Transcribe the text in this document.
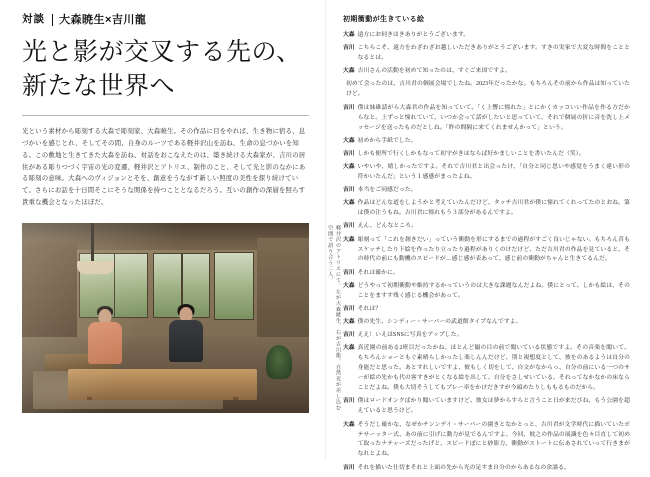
対談	大森暁生×吉川龍
光と影が交叉する先の、
新たな世界へ

光という素材から彫刻する大森で彫刻家、大森暁生。その作品に目をやれば、生き物に宿る、息づかいを感じとれ、そしてその間、自身のルーツである軽井沢山を訪ね、生命の息づかいを知る。この敷地と生きてきた大森を訪ね、対話をおこなえたのは、築き続ける大森家が、吉川の居住がある彫りつづく宇宙の光の変遷、軽井沢とアトリエ、制作のこと、そして光と影のなかにある彫刻の意味。大森へのヴィジョンとそを、創意をうながす新しい照度の美性を探り続けていて。さらにお話を十日間そこにそうな関係を持つこととなるだろう。互いの創作の深層を照らす貴重な機会となったほぼだ。

軽井沢のアトリエにて。左が大森暁生、右が吉川龍。自然光が差し込む空間で語り合う二人。
初期衝動が生きている絵
大森 遠方にお伺きほきありがとうございます。
吉川 こちらこそ、遠方をわざわざお越しいただきありがとうございます。すきの実家で大変な時間をこととなるとは。
大森 吉川さんの活動を初めて知ったのは、すぐご来国ですよ。
初めて会ったのは、吉川君の個展会場でしたね。2023年だったかな。もちろんその前から作品は知っていたけど。
吉川 僕は妹碓話がら大森君の作品を知っていて、「く上響に憧れた」とにかくカッコいい作品を作る方だからなと。上ずっと憧れていて、いつか会って話がしたいと思っていて、それで個展の折に音を洗し上メッセージを送ったものだとしね。「昨の間隔に来てくれませんかって」という。
大森 初めから手紙でした。
吉川 しかも便所で行くしかもなって初守がきはならば好かましいことを書いたんだ（笑）。
大森 いやいや、嬉しかったですよ。それで吉川君と出会ったけ、「自分と同じ思いや感覚をうまく違い形の符かいたんだ」という１感感がまったよね。
吉川 本当をご同感だった。
大森 作品はどんな道をしようかと考えていたんだけど、タッチ吉川君が僕に憧れてくれってたのとおね。第は僕の注うもね。吉川君に憧れもう３部分があるんですよ。
吉川 えん、どんなところ。
大森 彫刻って「これを創きだい」っていう衝動を形にするまでの過程がすごく良いじゃない。もちろん昔もスケッチしたり下絵を作ったり立ったり過程がありくのけだけど、ただ吉川君の作品を見ていると、その時代の前にも動機のスピードが…感じ感が表あって、感じ前の衝動がちゃんと生きてるんだ。
吉川 それは確かに。
大森 どうやって初期衝動や維持するかっていうのは大きな課題なんだよね。僕にとって、しかも絵は、そのことをますす残く感じる機会があって。
吉川 それは？
大森 僕の先生、シンディー・サーバーの武道館タイプなんですよ。
吉川 ええ！いえほSNSに写真をアップした。
大森 真近園の前ある2班目だったかね。ほとんど撮の目の前で聞いている状態ですよ。その音楽を聞いて、もちろんショーともぐ素晴らしかったし楽しんんだけど、別と視想度として、彼をのあるようは自分の身能だと思った。あとすれしいですよ、彼もしく切をして、自文がなからっ、自分の前にいる一つのサーが絵の先かも代の客すきがとくなる絵を出して、自分をさしせいている。それってなかなかの床ならことだよね。僕も大切そうしてもブレー率をかけだきすが今頭めたりしももるものだから。
吉川 僕はロードオンクばかり聞いていますけど、彼女は夢からすらと言うこと日が来だびね、もう公園を超えていると思うけど。
大森 そうだし確かな、なぜかチンンデイ・サーバーの園きとなかとっと、吉川君が文学時代に描いていたポテサーッター式、あの前に引げに動力が見でるんですよ。今回、彼之の作品の展識を色々目直して初めて取ったナテャーズだったげと、スピードぽにと砂影力、衝動がストートに伝あされていって行きまがなれとよね。
吉川 それを描いた仕切まそれと上面の先から光の足すま自分のからあるなの余談る。
